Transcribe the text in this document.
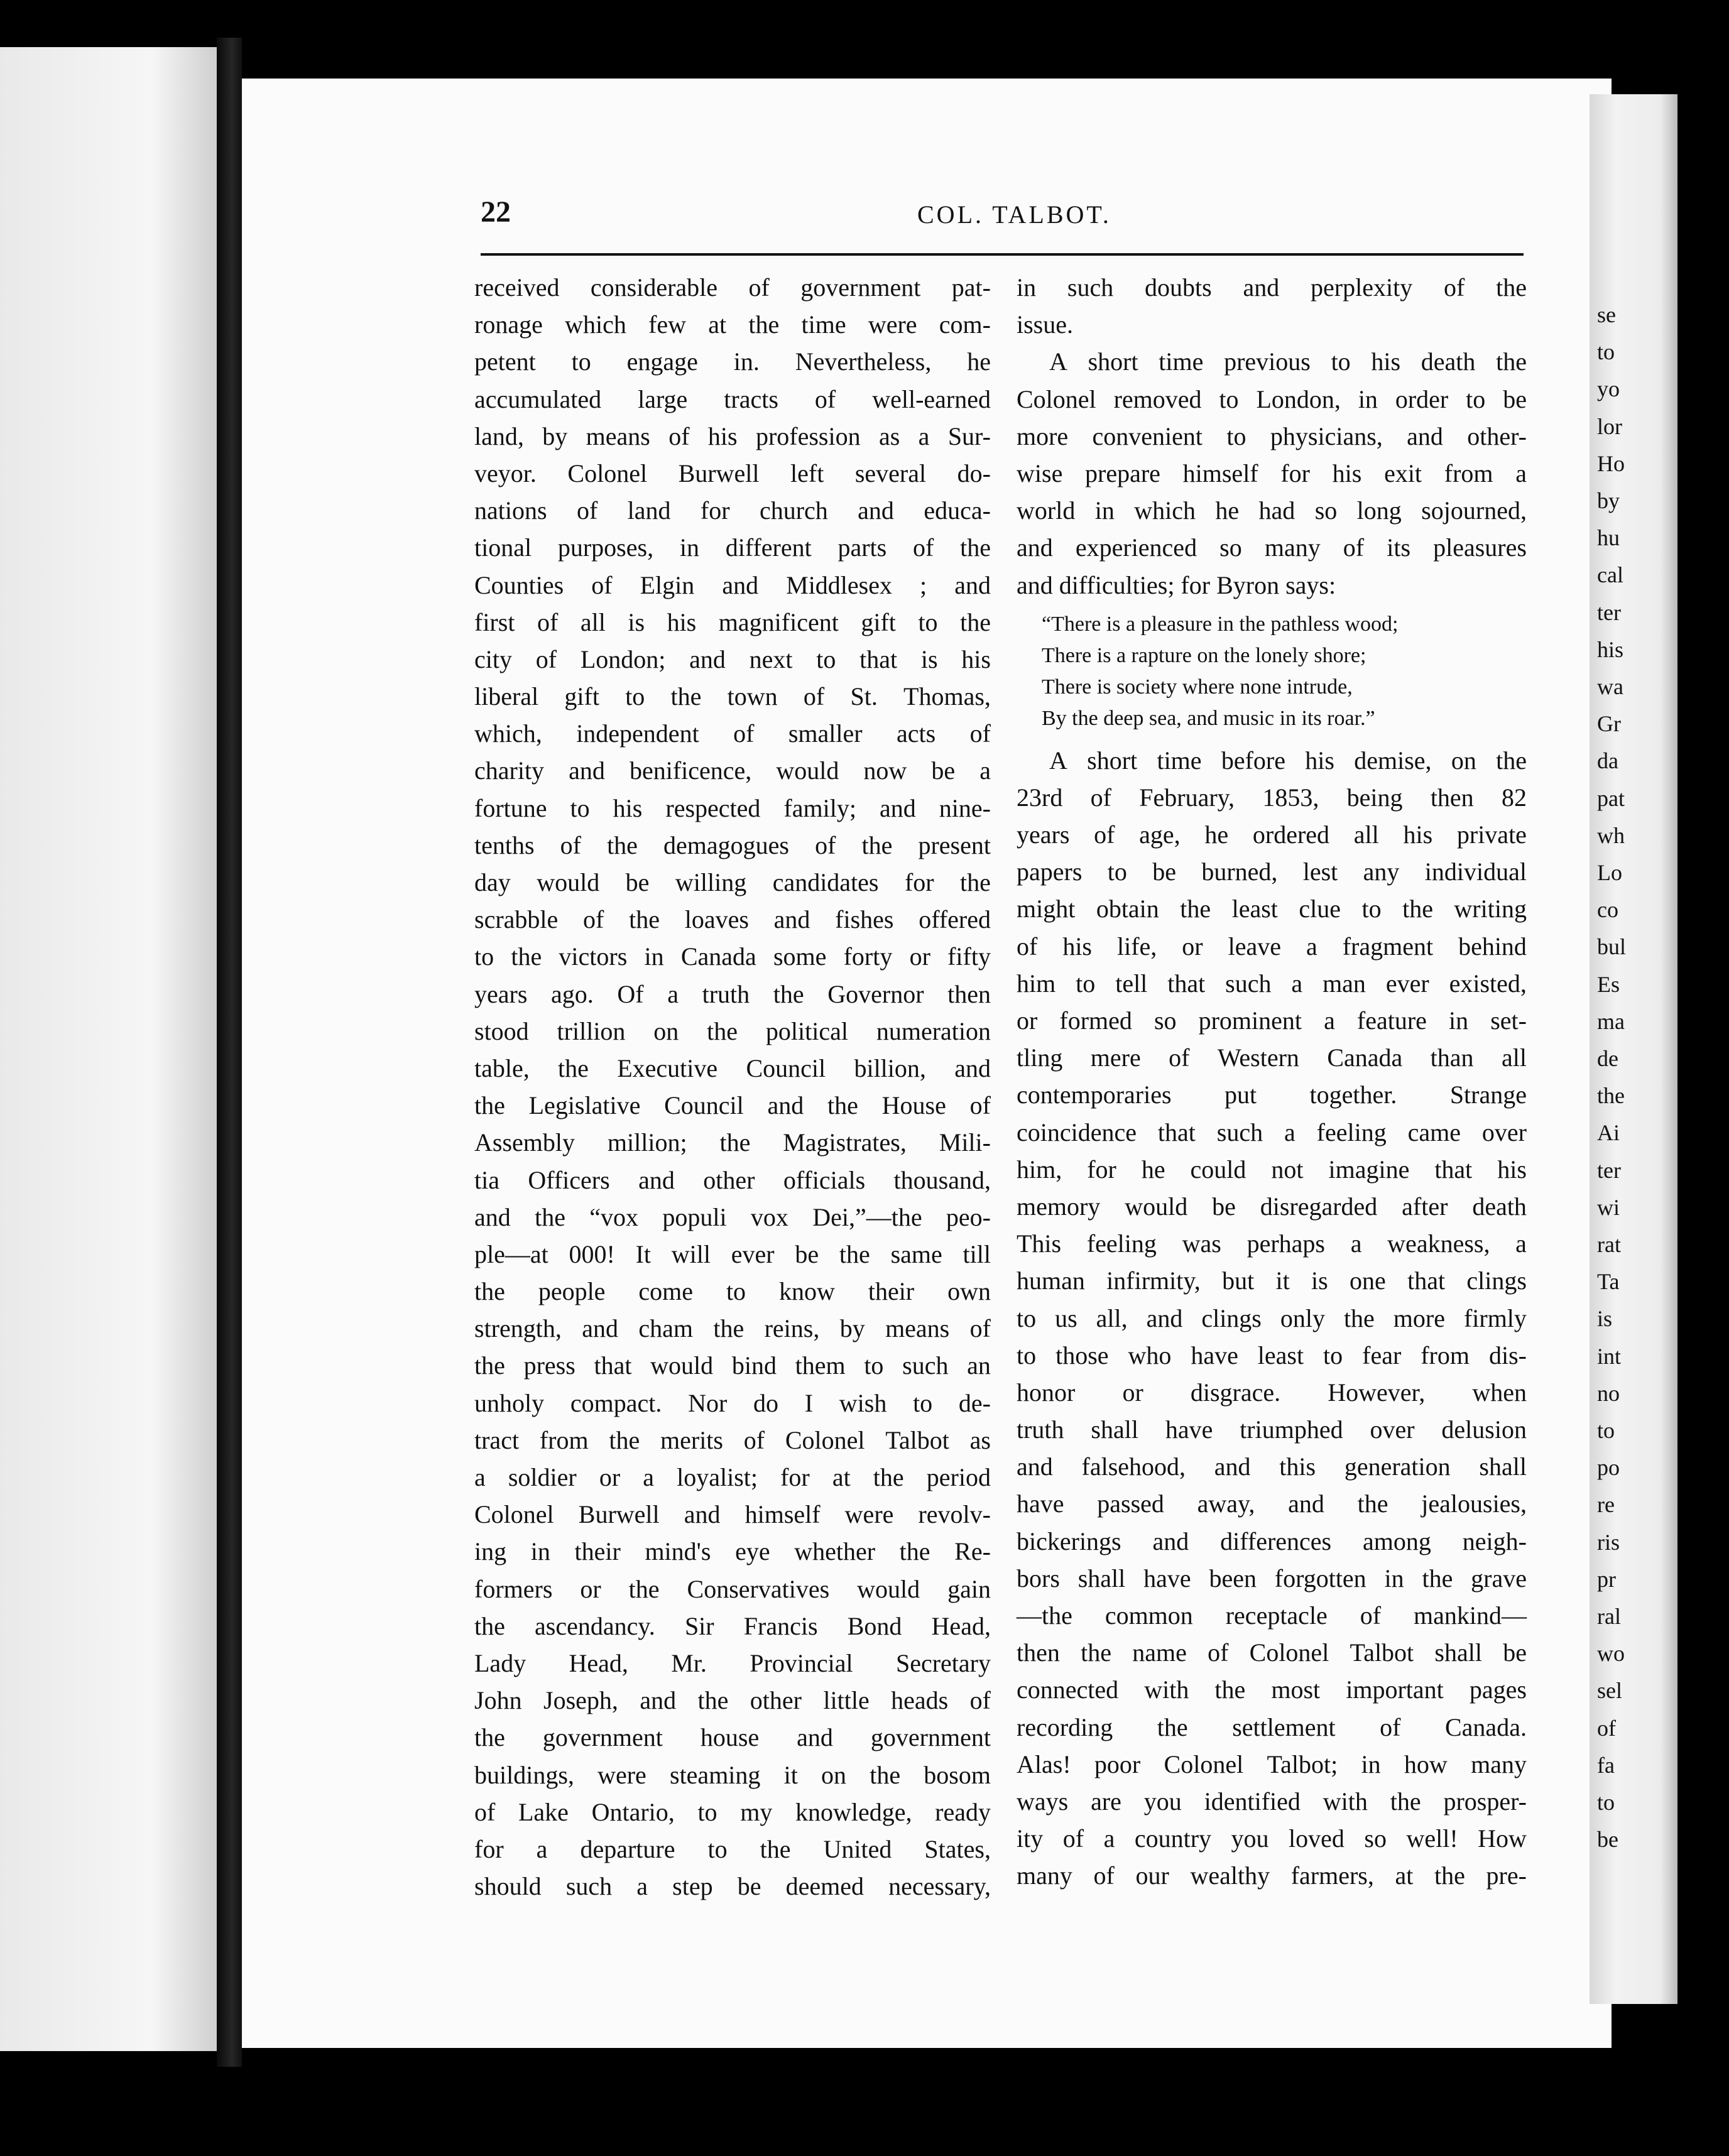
se
to
yo
lor
Ho
by
hu
cal
ter
his
wa
Gr
da
pat
wh
Lo
co
bul
Es
ma
de
the
Ai
ter
wi
rat
Ta
is
int
no
to
po
re
ris
pr
ral
wo
sel
of
fa
to
be
22	COL. TALBOT.
received considerable of government pat-
ronage which few at the time were com-
petent to engage in. Nevertheless, he
accumulated large tracts of well-earned
land, by means of his profession as a Sur-
veyor. Colonel Burwell left several do-
nations of land for church and educa-
tional purposes, in different parts of the
Counties of Elgin and Middlesex ; and
first of all is his magnificent gift to the
city of London; and next to that is his
liberal gift to the town of St. Thomas,
which, independent of smaller acts of
charity and benificence, would now be a
fortune to his respected family; and nine-
tenths of the demagogues of the present
day would be willing candidates for the
scrabble of the loaves and fishes offered
to the victors in Canada some forty or fifty
years ago. Of a truth the Governor then
stood trillion on the political numeration
table, the Executive Council billion, and
the Legislative Council and the House of
Assembly million; the Magistrates, Mili-
tia Officers and other officials thousand,
and the “vox populi vox Dei,”—the peo-
ple—at 000! It will ever be the same till
the people come to know their own
strength, and cham the reins, by means of
the press that would bind them to such an
unholy compact. Nor do I wish to de-
tract from the merits of Colonel Talbot as
a soldier or a loyalist; for at the period
Colonel Burwell and himself were revolv-
ing in their mind's eye whether the Re-
formers or the Conservatives would gain
the ascendancy. Sir Francis Bond Head,
Lady Head, Mr. Provincial Secretary
John Joseph, and the other little heads of
the government house and government
buildings, were steaming it on the bosom
of Lake Ontario, to my knowledge, ready
for a departure to the United States,
should such a step be deemed necessary,
in such doubts and perplexity of the
issue.
A short time previous to his death the
Colonel removed to London, in order to be
more convenient to physicians, and other-
wise prepare himself for his exit from a
world in which he had so long sojourned,
and experienced so many of its pleasures
and difficulties; for Byron says:
“There is a pleasure in the pathless wood;
There is a rapture on the lonely shore;
There is society where none intrude,
By the deep sea, and music in its roar.”
A short time before his demise, on the
23rd of February, 1853, being then 82
years of age, he ordered all his private
papers to be burned, lest any individual
might obtain the least clue to the writing
of his life, or leave a fragment behind
him to tell that such a man ever existed,
or formed so prominent a feature in set-
tling mere of Western Canada than all
contemporaries put together. Strange
coincidence that such a feeling came over
him, for he could not imagine that his
memory would be disregarded after death
This feeling was perhaps a weakness, a
human infirmity, but it is one that clings
to us all, and clings only the more firmly
to those who have least to fear from dis-
honor or disgrace. However, when
truth shall have triumphed over delusion
and falsehood, and this generation shall
have passed away, and the jealousies,
bickerings and differences among neigh-
bors shall have been forgotten in the grave
—the common receptacle of mankind—
then the name of Colonel Talbot shall be
connected with the most important pages
recording the settlement of Canada.
Alas! poor Colonel Talbot; in how many
ways are you identified with the prosper-
ity of a country you loved so well! How
many of our wealthy farmers, at the pre-
